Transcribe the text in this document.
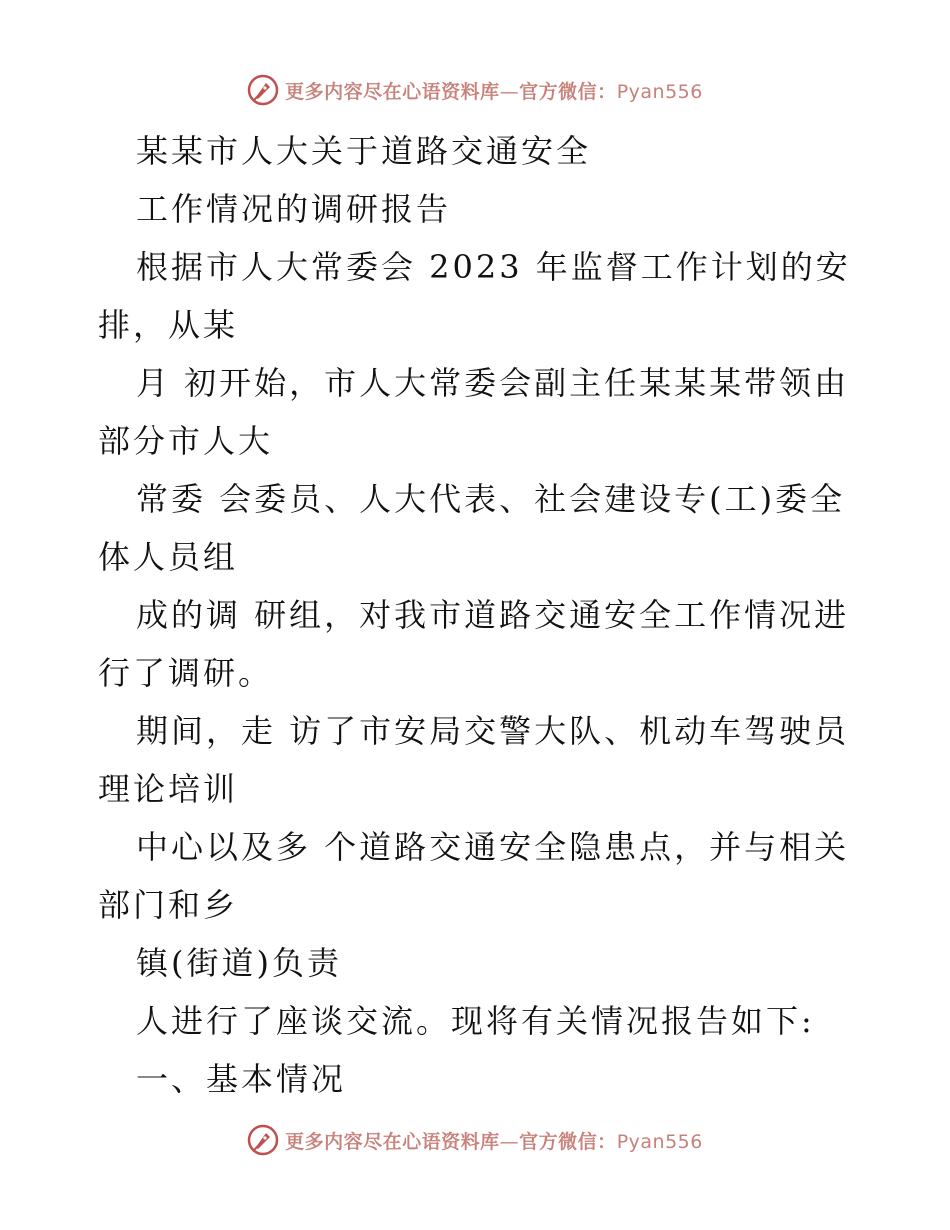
更多内容尽在心语资料库—官方微信：Pyan556
某某市人大关于道路交通安全
工作情况的调研报告
根据市人大常委会 2023 年监督工作计划的安
排，从某
月 初开始，市人大常委会副主任某某某带领由
部分市人大
常委 会委员、人大代表、社会建设专(工)委全
体人员组
成的调 研组，对我市道路交通安全工作情况进
行了调研。
期间，走 访了市安局交警大队、机动车驾驶员
理论培训
中心以及多 个道路交通安全隐患点，并与相关
部门和乡
镇(街道)负责
人进行了座谈交流。现将有关情况报告如下:
一、基本情况
更多内容尽在心语资料库—官方微信：Pyan556
